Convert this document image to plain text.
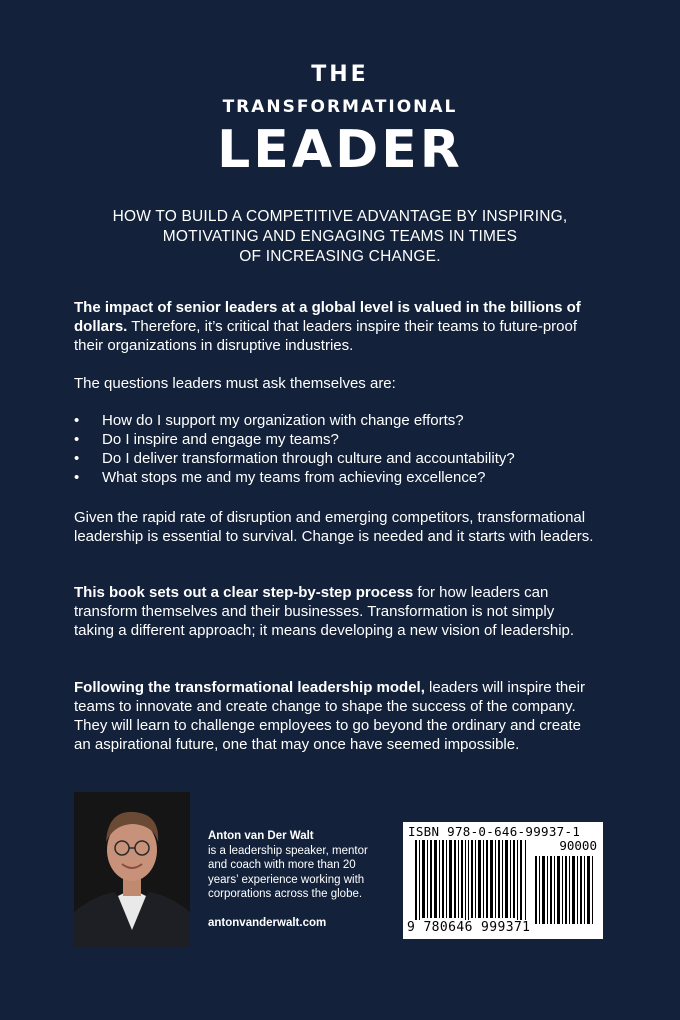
THE
TRANSFORMATIONAL
LEADER
HOW TO BUILD A COMPETITIVE ADVANTAGE BY INSPIRING,
MOTIVATING AND ENGAGING TEAMS IN TIMES
OF INCREASING CHANGE.

The impact of senior leaders at a global level is valued in the billions of dollars. Therefore, it’s critical that leaders inspire their teams to future-proof their organizations in disruptive industries.

The questions leaders must ask themselves are:

• How do I support my organization with change efforts?
• Do I inspire and engage my teams?
• Do I deliver transformation through culture and accountability?
• What stops me and my teams from achieving excellence?

Given the rapid rate of disruption and emerging competitors, transformational leadership is essential to survival. Change is needed and it starts with leaders.

This book sets out a clear step-by-step process for how leaders can transform themselves and their businesses. Transformation is not simply taking a different approach; it means developing a new vision of leadership.

Following the transformational leadership model, leaders will inspire their teams to innovate and create change to shape the success of the company. They will learn to challenge employees to go beyond the ordinary and create an aspirational future, one that may once have seemed impossible.

Anton van Der Walt
is a leadership speaker, mentor and coach with more than 20 years’ experience working with corporations across the globe.
antonvanderwalt.com
ISBN 978-0-646-99937-1
90000
9 780646 999371
